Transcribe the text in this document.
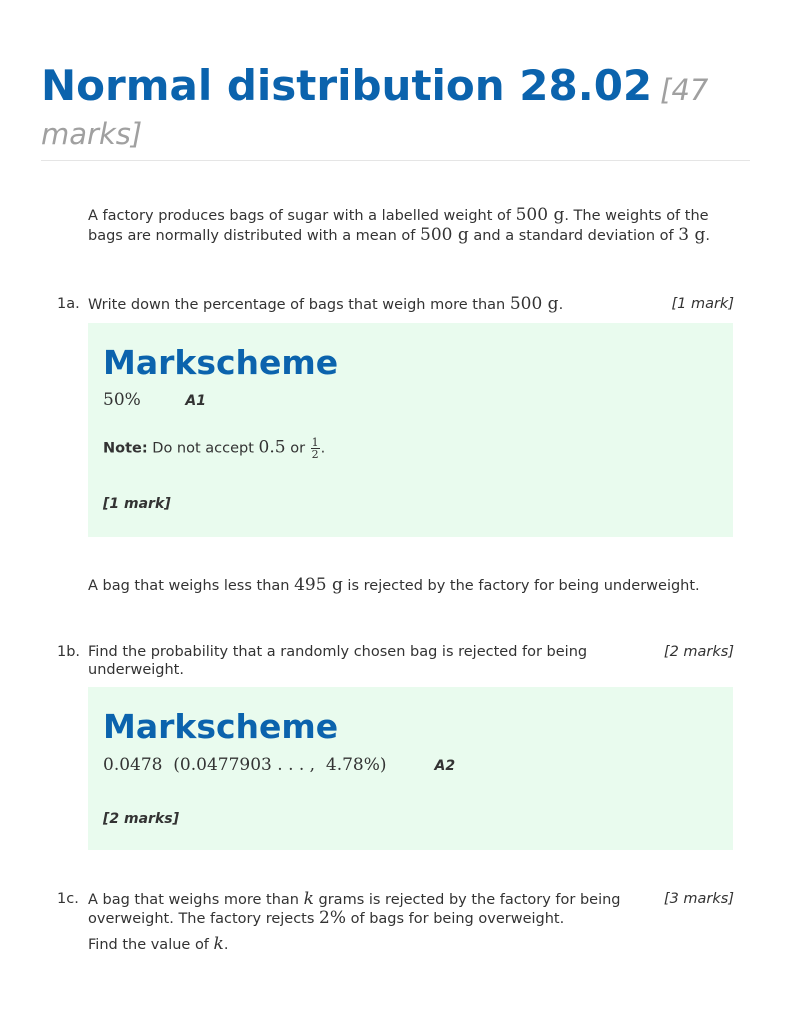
Normal distribution 28.02 [47 marks]
A factory produces bags of sugar with a labelled weight of 500 g. The weights of the bags are normally distributed with a mean of 500 g and a standard deviation of 3 g.
1a. Write down the percentage of bags that weigh more than 500 g.	[1 mark]
Markscheme
50%	A1
Note: Do not accept 0.5 or $\frac{1}{2}$ .
[1 mark]
A bag that weighs less than 495 g is rejected by the factory for being underweight.
1b. Find the probability that a randomly chosen bag is rejected for being underweight.
[2 marks]
Markscheme
0.0478  (0.0477903 . . . ,  4.78%)	A2
[2 marks]
1c. A bag that weighs more than k grams is rejected by the factory for being overweight. The factory rejects 2% of bags for being overweight.
Find the value of k.
[3 marks]
